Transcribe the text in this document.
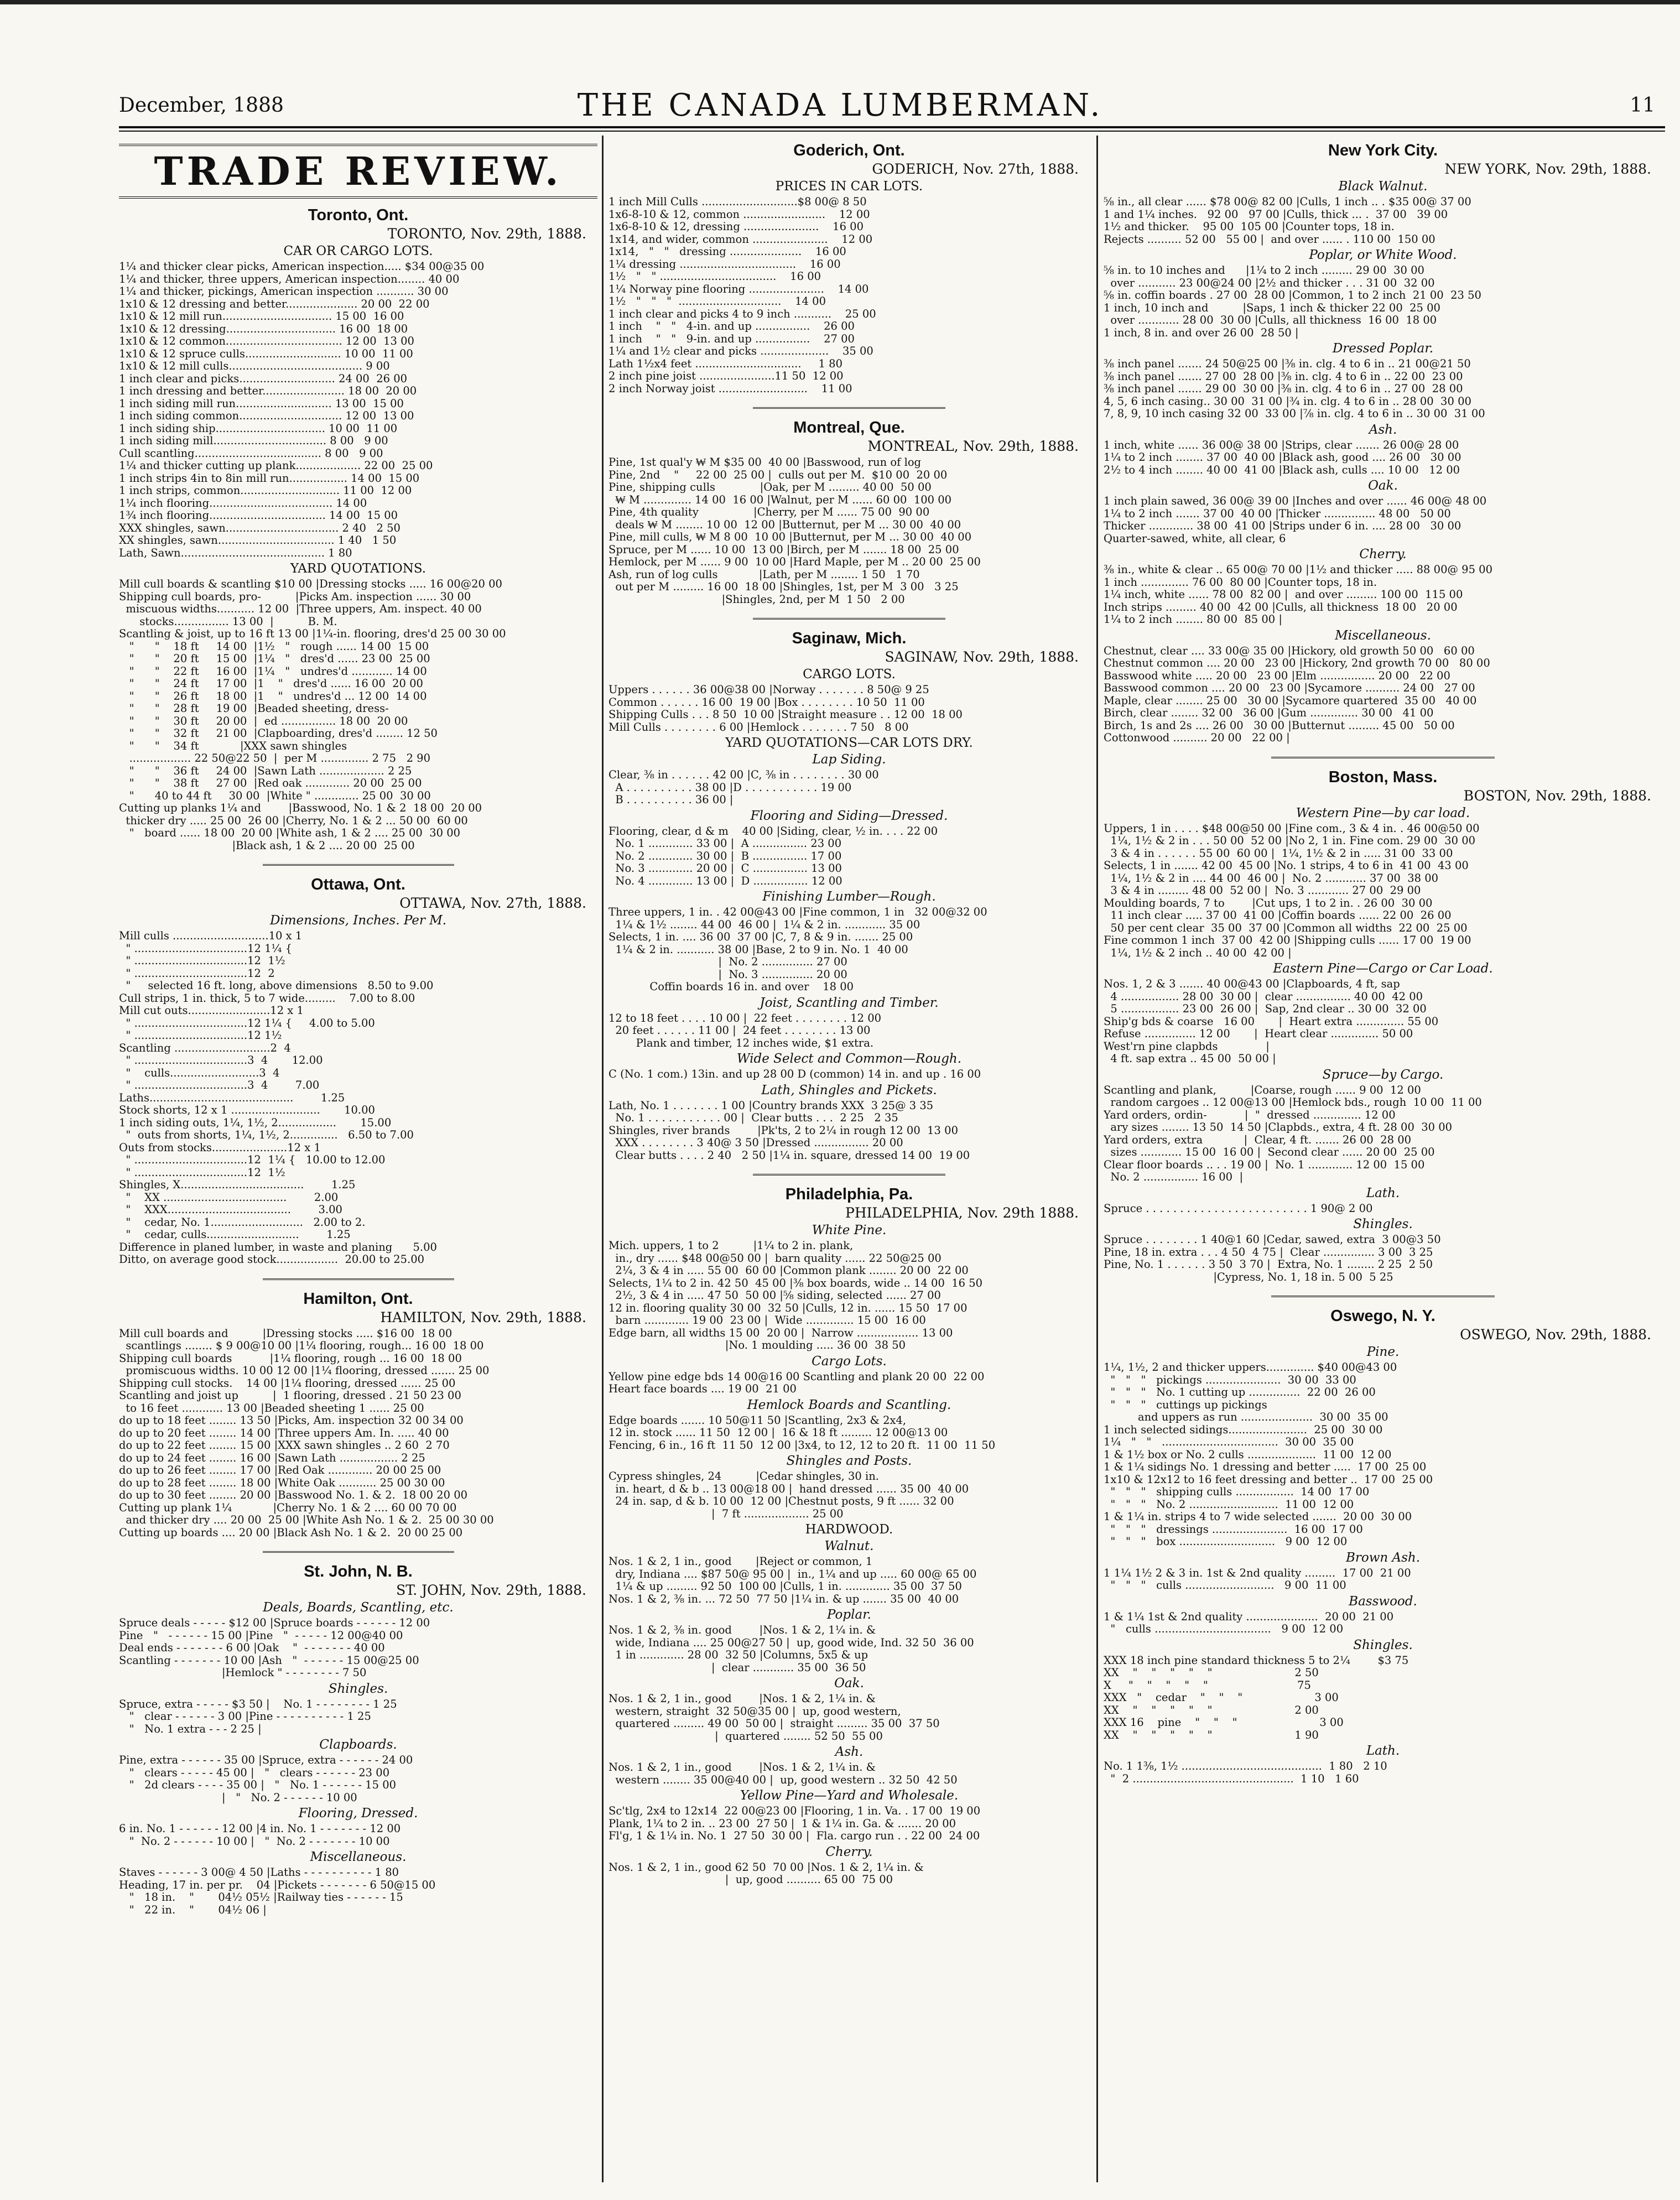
December, 1888	THE CANADA LUMBERMAN.	11
TRADE REVIEW.
Toronto, Ont.
TORONTO, Nov. 29th, 1888.
CAR OR CARGO LOTS.
1¼ and thicker clear picks, American inspection..... $34 00@35 00
1¼ and thicker, three uppers, American inspection........ 40 00
1¼ and thicker, pickings, American inspection ........... 30 00
1x10 & 12 dressing and better..................... 20 00  22 00
1x10 & 12 mill run................................ 15 00  16 00
1x10 & 12 dressing................................ 16 00  18 00
1x10 & 12 common.................................. 12 00  13 00
1x10 & 12 spruce culls............................ 10 00  11 00
1x10 & 12 mill culls....................................... 9 00
1 inch clear and picks............................ 24 00  26 00
1 inch dressing and better........................ 18 00  20 00
1 inch siding mill run............................ 13 00  15 00
1 inch siding common.............................. 12 00  13 00
1 inch siding ship................................ 10 00  11 00
1 inch siding mill................................. 8 00   9 00
Cull scantling..................................... 8 00   9 00
1¼ and thicker cutting up plank................... 22 00  25 00
1 inch strips 4in to 8in mill run................. 14 00  15 00
1 inch strips, common............................. 11 00  12 00
1¼ inch flooring.................................... 14 00
1¾ inch flooring.................................. 14 00  15 00
XXX shingles, sawn................................. 2 40   2 50
XX shingles, sawn.................................. 1 40   1 50
Lath, Sawn.......................................... 1 80
YARD QUOTATIONS.
Mill cull boards & scantling $10 00 |Dressing stocks ..... 16 00@20 00
Shipping cull boards, pro-          |Picks Am. inspection ...... 30 00
miscuous widths........... 12 00  |Three uppers, Am. inspect. 40 00
stocks................ 13 00  |          B. M.
Scantling & joist, up to 16 ft 13 00 |1¼-in. flooring, dres'd 25 00 30 00
"      "    18 ft     14 00  |1½   "   rough ...... 14 00  15 00
"      "    20 ft     15 00  |1¼   "   dres'd ...... 23 00  25 00
"      "    22 ft     16 00  |1¼   "   undres'd ............ 14 00
"      "    24 ft     17 00  |1    "   dres'd ...... 16 00  20 00
"      "    26 ft     18 00  |1    "   undres'd ... 12 00  14 00
"      "    28 ft     19 00  |Beaded sheeting, dress-
"      "    30 ft     20 00  |  ed ................ 18 00  20 00
"      "    32 ft     21 00  |Clapboarding, dres'd ........ 12 50
"      "    34 ft            |XXX sawn shingles
.................. 22 50@22 50  |  per M .............. 2 75   2 90
"      "    36 ft     24 00  |Sawn Lath ................... 2 25
"      "    38 ft     27 00  |Red oak ............. 20 00  25 00
"      40 to 44 ft     30 00  |White " ............. 25 00  30 00
Cutting up planks 1¼ and        |Basswood, No. 1 & 2  18 00  20 00
thicker dry ..... 25 00  26 00 |Cherry, No. 1 & 2 ... 50 00  60 00
"   board ...... 18 00  20 00 |White ash, 1 & 2 .... 25 00  30 00
|Black ash, 1 & 2 .... 20 00  25 00
Ottawa, Ont.
OTTAWA, Nov. 27th, 1888.
Dimensions, Inches. Per M.
Mill culls ............................10 x 1
" .................................12 1¼ {
" .................................12  1½
" .................................12  2
"     selected 16 ft. long, above dimensions   8.50 to 9.00
Cull strips, 1 in. thick, 5 to 7 wide.........    7.00 to 8.00
Mill cut outs........................12 x 1
" .................................12 1¼ {     4.00 to 5.00
" .................................12 1½
Scantling ............................2  4
" .................................3  4       12.00
"    culls..........................3  4
" .................................3  4        7.00
Laths..........................................        1.25
Stock shorts, 12 x 1 ..........................       10.00
1 inch siding outs, 1¼, 1½, 2.................       15.00
"  outs from shorts, 1¼, 1½, 2..............   6.50 to 7.00
Outs from stocks......................12 x 1
" .................................12  1¼ {   10.00 to 12.00
" .................................12  1½
Shingles, X....................................        1.25
"    XX ....................................        2.00
"    XXX....................................        3.00
"    cedar, No. 1...........................   2.00 to 2.
"    cedar, culls...........................        1.25
Difference in planed lumber, in waste and planing      5.00
Ditto, on average good stock..................  20.00 to 25.00
Hamilton, Ont.
HAMILTON, Nov. 29th, 1888.
Mill cull boards and          |Dressing stocks ..... $16 00  18 00
scantlings ........ $ 9 00@10 00 |1¼ flooring, rough... 16 00  18 00
Shipping cull boards           |1¼ flooring, rough ... 16 00  18 00
promiscuous widths. 10 00 12 00 |1¼ flooring, dressed ....... 25 00
Shipping cull stocks.    14 00 |1¼ flooring, dressed ...... 25 00
Scantling and joist up          |  1 flooring, dressed . 21 50 23 00
to 16 feet ............ 13 00 |Beaded sheeting 1 ...... 25 00
do up to 18 feet ........ 13 50 |Picks, Am. inspection 32 00 34 00
do up to 20 feet ........ 14 00 |Three uppers Am. In. ..... 40 00
do up to 22 feet ........ 15 00 |XXX sawn shingles .. 2 60  2 70
do up to 24 feet ........ 16 00 |Sawn Lath ................. 2 25
do up to 26 feet ........ 17 00 |Red Oak ............. 20 00 25 00
do up to 28 feet ........ 18 00 |White Oak ........... 25 00 30 00
do up to 30 feet ........ 20 00 |Basswood No. 1. & 2.  18 00 20 00
Cutting up plank 1¼            |Cherry No. 1 & 2 .... 60 00 70 00
and thicker dry .... 20 00  25 00 |White Ash No. 1 & 2.  25 00 30 00
Cutting up boards .... 20 00 |Black Ash No. 1 & 2.  20 00 25 00
St. John, N. B.
ST. JOHN, Nov. 29th, 1888.
Deals, Boards, Scantling, etc.
Spruce deals - - - - - $12 00 |Spruce boards - - - - - - 12 00
Pine   "   - - - - - - 15 00 |Pine   "  - - - - - 12 00@40 00
Deal ends - - - - - - - 6 00 |Oak    "  - - - - - - - 40 00
Scantling - - - - - - - 10 00 |Ash   "  - - - - - - 15 00@25 00
|Hemlock " - - - - - - - - 7 50
Shingles.
Spruce, extra - - - - - $3 50 |    No. 1 - - - - - - - - 1 25
"   clear - - - - - - 3 00 |Pine - - - - - - - - - - 1 25
"   No. 1 extra - - - 2 25 |
Clapboards.
Pine, extra - - - - - - 35 00 |Spruce, extra - - - - - - 24 00
"   clears - - - - - 45 00 |   "   clears - - - - - - 23 00
"   2d clears - - - - 35 00 |   "   No. 1 - - - - - - 15 00
|   "   No. 2 - - - - - - 10 00
Flooring, Dressed.
6 in. No. 1 - - - - - - 12 00 |4 in. No. 1 - - - - - - - 12 00
"  No. 2 - - - - - - 10 00 |   "  No. 2 - - - - - - - 10 00
Miscellaneous.
Staves - - - - - - 3 00@ 4 50 |Laths - - - - - - - - - - 1 80
Heading, 17 in. per pr.    04 |Pickets - - - - - - - 6 50@15 00
"   18 in.    "       04½ 05½ |Railway ties - - - - - - 15
"   22 in.    "       04½ 06 |
Goderich, Ont.
GODERICH, Nov. 27th, 1888.
PRICES IN CAR LOTS.
1 inch Mill Culls ............................$8 00@ 8 50
1x6-8-10 & 12, common ........................    12 00
1x6-8-10 & 12, dressing ......................    16 00
1x14, and wider, common ......................    12 00
1x14,   "   "   dressing .....................    16 00
1¼ dressing ..................................    16 00
1½   "   " ..................................    16 00
1¼ Norway pine flooring ......................    14 00
1½   "   "   "  ..............................    14 00
1 inch clear and picks 4 to 9 inch ...........    25 00
1 inch    "   "   4-in. and up ................    26 00
1 inch    "   "   9-in. and up ................    27 00
1¼ and 1½ clear and picks ....................    35 00
Lath 1½x4 feet ...............................     1 80
2 inch pine joist ......................11 50  12 00
2 inch Norway joist ..........................    11 00
Montreal, Que.
MONTREAL, Nov. 29th, 1888.
Pine, 1st qual'y ₩ M $35 00  40 00 |Basswood, run of log
Pine, 2nd    "     22 00  25 00 |  culls out per M.  $10 00  20 00
Pine, shipping culls             |Oak, per M ......... 40 00  50 00
₩ M .............. 14 00  16 00 |Walnut, per M ...... 60 00  100 00
Pine, 4th quality                |Cherry, per M ...... 75 00  90 00
deals ₩ M ........ 10 00  12 00 |Butternut, per M ... 30 00  40 00
Pine, mill culls, ₩ M 8 00  10 00 |Butternut, per M ... 30 00  40 00
Spruce, per M ...... 10 00  13 00 |Birch, per M ....... 18 00  25 00
Hemlock, per M ...... 9 00  10 00 |Hard Maple, per M .. 20 00  25 00
Ash, run of log culls            |Lath, per M ........ 1 50   1 70
out per M ......... 16 00  18 00 |Shingles, 1st, per M  3 00   3 25
|Shingles, 2nd, per M  1 50   2 00
Saginaw, Mich.
SAGINAW, Nov. 29th, 1888.
CARGO LOTS.
Uppers . . . . . . 36 00@38 00 |Norway . . . . . . . 8 50@ 9 25
Common . . . . . . 16 00  19 00 |Box . . . . . . . . 10 50  11 00
Shipping Culls . . . 8 50  10 00 |Straight measure . . 12 00  18 00
Mill Culls . . . . . . . . 6 00 |Hemlock . . . . . . . 7 50   8 00
YARD QUOTATIONS—CAR LOTS DRY.
Lap Siding.
Clear, ⅜ in . . . . . . 42 00 |C, ⅜ in . . . . . . . . 30 00
A . . . . . . . . . . 38 00 |D . . . . . . . . . . . 19 00
B . . . . . . . . . . 36 00 |
Flooring and Siding—Dressed.
Flooring, clear, d & m    40 00 |Siding, clear, ½ in. . . . 22 00
No. 1 ............. 33 00 |  A ................ 23 00
No. 2 ............. 30 00 |  B ................ 17 00
No. 3 ............. 20 00 |  C ................ 13 00
No. 4 ............. 13 00 |  D ................ 12 00
Finishing Lumber—Rough.
Three uppers, 1 in. . 42 00@43 00 |Fine common, 1 in   32 00@32 00
1¼ & 1½ ........ 44 00  46 00 |  1¼ & 2 in. ............ 35 00
Selects, 1 in. .... 36 00  37 00 |C, 7, 8 & 9 in. ....... 25 00
1¼ & 2 in. ........... 38 00 |Base, 2 to 9 in. No. 1  40 00
|  No. 2 ............... 27 00
|  No. 3 ............... 20 00
Coffin boards 16 in. and over    18 00
Joist, Scantling and Timber.
12 to 18 feet . . . . 10 00 |  22 feet . . . . . . . . 12 00
20 feet . . . . . . 11 00 |  24 feet . . . . . . . . 13 00
Plank and timber, 12 inches wide, $1 extra.
Wide Select and Common—Rough.
C (No. 1 com.) 13in. and up 28 00 D (common) 14 in. and up . 16 00
Lath, Shingles and Pickets.
Lath, No. 1 . . . . . . . 1 00 |Country brands XXX  3 25@ 3 35
No. 1 . . . . . . . . . . . 00 |  Clear butts . . .  2 25   2 35
Shingles, river brands        |Pk'ts, 2 to 2¼ in rough 12 00  13 00
XXX . . . . . . . . 3 40@ 3 50 |Dressed ................ 20 00
Clear butts . . . . 2 40   2 50 |1¼ in. square, dressed 14 00  19 00
Philadelphia, Pa.
PHILADELPHIA, Nov. 29th 1888.
White Pine.
Mich. uppers, 1 to 2          |1¼ to 2 in. plank,
in., dry ...... $48 00@50 00 |  barn quality ...... 22 50@25 00
2¼, 3 & 4 in ..... 55 00  60 00 |Common plank ........ 20 00  22 00
Selects, 1¼ to 2 in. 42 50  45 00 |⅜ box boards, wide .. 14 00  16 50
2½, 3 & 4 in ..... 47 50  50 00 |⅝ siding, selected ...... 27 00
12 in. flooring quality 30 00  32 50 |Culls, 12 in. ...... 15 50  17 00
barn ............. 19 00  23 00 |  Wide .............. 15 00  16 00
Edge barn, all widths 15 00  20 00 |  Narrow .................. 13 00
|No. 1 moulding ..... 36 00  38 50
Cargo Lots.
Yellow pine edge bds 14 00@16 00 Scantling and plank 20 00  22 00
Heart face boards .... 19 00  21 00
Hemlock Boards and Scantling.
Edge boards ....... 10 50@11 50 |Scantling, 2x3 & 2x4,
12 in. stock ...... 11 50  12 00 |  16 & 18 ft ......... 12 00@13 00
Fencing, 6 in., 16 ft  11 50  12 00 |3x4, to 12, 12 to 20 ft.  11 00  11 50
Shingles and Posts.
Cypress shingles, 24          |Cedar shingles, 30 in.
in. heart, d & b .. 13 00@18 00 |  hand dressed ...... 35 00  40 00
24 in. sap, d & b. 10 00  12 00 |Chestnut posts, 9 ft ...... 32 00
|  7 ft ................... 25 00
HARDWOOD.
Walnut.
Nos. 1 & 2, 1 in., good       |Reject or common, 1
dry, Indiana .... $87 50@ 95 00 |  in., 1¼ and up ..... 60 00@ 65 00
1¼ & up ......... 92 50  100 00 |Culls, 1 in. ............. 35 00  37 50
Nos. 1 & 2, ⅜ in. ... 72 50  77 50 |1¼ in. & up ....... 35 00  40 00
Poplar.
Nos. 1 & 2, ⅜ in. good        |Nos. 1 & 2, 1¼ in. &
wide, Indiana .... 25 00@27 50 |  up, good wide, Ind. 32 50  36 00
1 in ............. 28 00  32 50 |Columns, 5x5 & up
|  clear ............ 35 00  36 50
Oak.
Nos. 1 & 2, 1 in., good        |Nos. 1 & 2, 1¼ in. &
western, straight  32 50@35 00 |  up, good western,
quartered ......... 49 00  50 00 |  straight ......... 35 00  37 50
|  quartered ........ 52 50  55 00
Ash.
Nos. 1 & 2, 1 in., good        |Nos. 1 & 2, 1¼ in. &
western ........ 35 00@40 00 |  up, good western .. 32 50  42 50
Yellow Pine—Yard and Wholesale.
Sc'tlg, 2x4 to 12x14  22 00@23 00 |Flooring, 1 in. Va. . 17 00  19 00
Plank, 1¼ to 2 in. .. 23 00  27 50 |  1 & 1¼ in. Ga. & ....... 20 00
Fl'g, 1 & 1¼ in. No. 1  27 50  30 00 |  Fla. cargo run . . 22 00  24 00
Cherry.
Nos. 1 & 2, 1 in., good 62 50  70 00 |Nos. 1 & 2, 1¼ in. &
|  up, good .......... 65 00  75 00
New York City.
NEW YORK, Nov. 29th, 1888.
Black Walnut.
⅝ in., all clear ...... $78 00@ 82 00 |Culls, 1 inch .. . $35 00@ 37 00
1 and 1¼ inches.   92 00   97 00 |Culls, thick ... .  37 00   39 00
1½ and thicker.    95 00  105 00 |Counter tops, 18 in.
Rejects .......... 52 00   55 00 |  and over ...... . 110 00  150 00
Poplar, or White Wood.
⅝ in. to 10 inches and      |1¼ to 2 inch ......... 29 00  30 00
over ........... 23 00@24 00 |2½ and thicker . . . 31 00  32 00
⅝ in. coffin boards . 27 00  28 00 |Common, 1 to 2 inch  21 00  23 50
1 inch, 10 inch and          |Saps, 1 inch & thicker 22 00  25 00
over ............ 28 00  30 00 |Culls, all thickness  16 00  18 00
1 inch, 8 in. and over 26 00  28 50 |
Dressed Poplar.
⅜ inch panel ....... 24 50@25 00 |⅜ in. clg. 4 to 6 in .. 21 00@21 50
⅜ inch panel ....... 27 00  28 00 |⅜ in. clg. 4 to 6 in .. 22 00  23 00
⅜ inch panel ....... 29 00  30 00 |⅜ in. clg. 4 to 6 in .. 27 00  28 00
4, 5, 6 inch casing.. 30 00  31 00 |¾ in. clg. 4 to 6 in .. 28 00  30 00
7, 8, 9, 10 inch casing 32 00  33 00 |⅞ in. clg. 4 to 6 in .. 30 00  31 00
Ash.
1 inch, white ...... 36 00@ 38 00 |Strips, clear ....... 26 00@ 28 00
1¼ to 2 inch ........ 37 00  40 00 |Black ash, good .... 26 00   30 00
2½ to 4 inch ........ 40 00  41 00 |Black ash, culls .... 10 00   12 00
Oak.
1 inch plain sawed, 36 00@ 39 00 |Inches and over ...... 46 00@ 48 00
1¼ to 2 inch ....... 37 00  40 00 |Thicker ............... 48 00   50 00
Thicker ............. 38 00  41 00 |Strips under 6 in. .... 28 00   30 00
Quarter-sawed, white, all clear, 6
Cherry.
⅜ in., white & clear .. 65 00@ 70 00 |1½ and thicker ..... 88 00@ 95 00
1 inch .............. 76 00  80 00 |Counter tops, 18 in.
1¼ inch, white ...... 78 00  82 00 |  and over ......... 100 00  115 00
Inch strips ......... 40 00  42 00 |Culls, all thickness  18 00   20 00
1¼ to 2 inch ........ 80 00  85 00 |
Miscellaneous.
Chestnut, clear .... 33 00@ 35 00 |Hickory, old growth 50 00   60 00
Chestnut common .... 20 00   23 00 |Hickory, 2nd growth 70 00   80 00
Basswood white ..... 20 00   23 00 |Elm ................ 20 00   22 00
Basswood common .... 20 00   23 00 |Sycamore .......... 24 00   27 00
Maple, clear ........ 25 00   30 00 |Sycamore quartered  35 00   40 00
Birch, clear ........ 32 00   36 00 |Gum .............. 30 00   41 00
Birch, 1s and 2s .... 26 00   30 00 |Butternut ......... 45 00   50 00
Cottonwood .......... 20 00   22 00 |
Boston, Mass.
BOSTON, Nov. 29th, 1888.
Western Pine—by car load.
Uppers, 1 in . . . . $48 00@50 00 |Fine com., 3 & 4 in. . 46 00@50 00
1¼, 1½ & 2 in . . . 50 00  52 00 |No 2, 1 in. Fine com. 29 00  30 00
3 & 4 in . . . . . . 55 00  60 00 |  1¼, 1½ & 2 in ..... 31 00  33 00
Selects, 1 in ....... 42 00  45 00 |No. 1 strips, 4 to 6 in  41 00  43 00
1¼, 1½ & 2 in .... 44 00  46 00 |  No. 2 ............ 37 00  38 00
3 & 4 in ......... 48 00  52 00 |  No. 3 ............ 27 00  29 00
Moulding boards, 7 to        |Cut ups, 1 to 2 in. . 26 00  30 00
11 inch clear ..... 37 00  41 00 |Coffin boards ...... 22 00  26 00
50 per cent clear  35 00  37 00 |Common all widths  22 00  25 00
Fine common 1 inch  37 00  42 00 |Shipping culls ...... 17 00  19 00
1¼, 1½ & 2 inch .. 40 00  42 00 |
Eastern Pine—Cargo or Car Load.
Nos. 1, 2 & 3 ....... 40 00@43 00 |Clapboards, 4 ft, sap
4 ................. 28 00  30 00 |  clear ................ 40 00  42 00
5 ................. 23 00  26 00 |  Sap, 2nd clear .. 30 00  32 00
Ship'g bds & coarse   16 00       |  Heart extra .............. 55 00
Refuse ............... 12 00       |  Heart clear .............. 50 00
West'rn pine clapbds              |
4 ft. sap extra .. 45 00  50 00 |
Spruce—by Cargo.
Scantling and plank,          |Coarse, rough ...... 9 00  12 00
random cargoes .. 12 00@13 00 |Hemlock bds., rough  10 00  11 00
Yard orders, ordin-           |  "  dressed .............. 12 00
ary sizes ........ 13 50  14 50 |Clapbds., extra, 4 ft. 28 00  30 00
Yard orders, extra            |  Clear, 4 ft. ....... 26 00  28 00
sizes ............ 15 00  16 00 |  Second clear ...... 20 00  25 00
Clear floor boards .. . . 19 00 |  No. 1 ............. 12 00  15 00
No. 2 ................ 16 00  |
Lath.
Spruce . . . . . . . . . . . . . . . . . . . . . . . . 1 90@ 2 00
Shingles.
Spruce . . . . . . . . 1 40@1 60 |Cedar, sawed, extra  3 00@3 50
Pine, 18 in. extra . . . 4 50  4 75 |  Clear ............... 3 00  3 25
Pine, No. 1 . . . . . . 3 50  3 70 |  Extra, No. 1 ........ 2 25  2 50
|Cypress, No. 1, 18 in. 5 00  5 25
Oswego, N. Y.
OSWEGO, Nov. 29th, 1888.
Pine.
1¼, 1½, 2 and thicker uppers.............. $40 00@43 00
"   "   "   pickings ......................  30 00  33 00
"   "   "   No. 1 cutting up ...............  22 00  26 00
"   "   "   cuttings up pickings
and uppers as run .....................  30 00  35 00
1 inch selected sidings.......................  25 00  30 00
1¼   "   "   ..................................  30 00  35 00
1 & 1½ box or No. 2 culls ....................  11 00  12 00
1 & 1¼ sidings No. 1 dressing and better .....  17 00  25 00
1x10 & 12x12 to 16 feet dressing and better ..  17 00  25 00
"   "   "   shipping culls .................  14 00  17 00
"   "   "   No. 2 ..........................  11 00  12 00
1 & 1¼ in. strips 4 to 7 wide selected .......  20 00  30 00
"   "   "   dressings ......................  16 00  17 00
"   "   "   box ............................   9 00  12 00
Brown Ash.
1 1¼ 1½ 2 & 3 in. 1st & 2nd quality .........  17 00  21 00
"   "   "   culls ..........................   9 00  11 00
Basswood.
1 & 1¼ 1st & 2nd quality .....................  20 00  21 00
"   culls ..................................   9 00  12 00
Shingles.
XXX 18 inch pine standard thickness 5 to 2¼        $3 75
XX    "    "    "    "    "                        2 50
X     "    "    "    "    "                          75
XXX   "    cedar    "    "    "                     3 00
XX    "    "    "    "    "                        2 00
XXX 16    pine    "    "    "                        3 00
XX    "    "    "    "    "                        1 90
Lath.
No. 1 1⅜, 1½ .........................................  1 80   2 10
"  2 ...............................................  1 10   1 60
